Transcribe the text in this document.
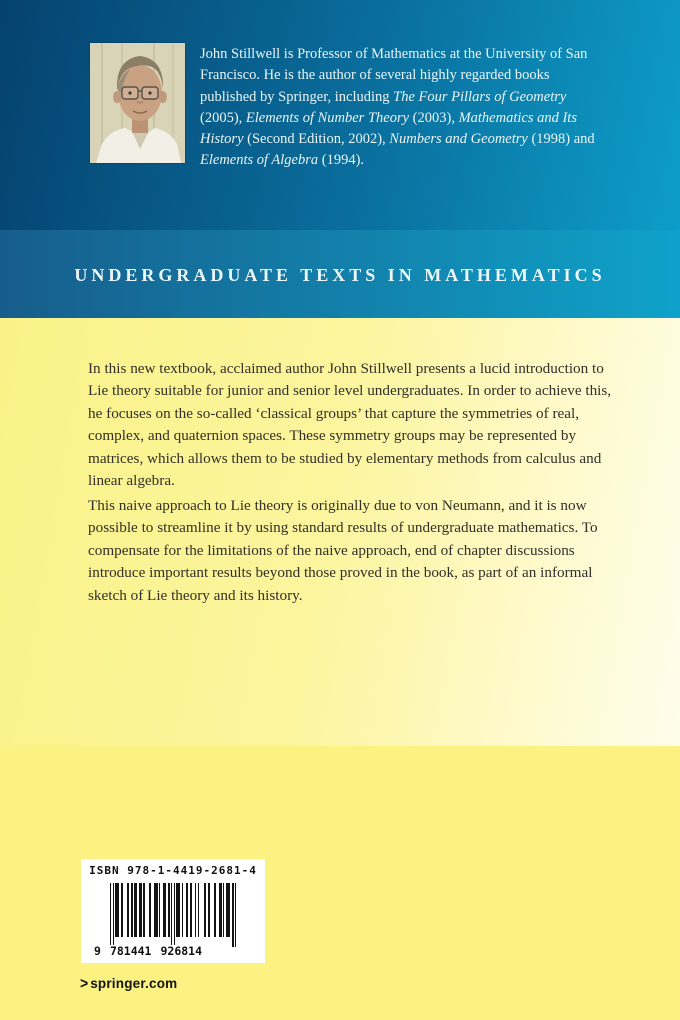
John Stillwell is Professor of Mathematics at the University of San Francisco. He is the author of several highly regarded books published by Springer, including The Four Pillars of Geometry (2005), Elements of Number Theory (2003), Mathematics and Its History (Second Edition, 2002), Numbers and Geometry (1998) and Elements of Algebra (1994).

UNDERGRADUATE TEXTS IN MATHEMATICS

In this new textbook, acclaimed author John Stillwell presents a lucid introduction to Lie theory suitable for junior and senior level undergraduates. In order to achieve this, he focuses on the so-called ‘classical groups’ that capture the symmetries of real, complex, and quaternion spaces. These symmetry groups may be represented by matrices, which allows them to be studied by elementary methods from calculus and linear algebra.

This naive approach to Lie theory is originally due to von Neumann, and it is now possible to streamline it by using standard results of undergraduate mathematics. To compensate for the limitations of the naive approach, end of chapter discussions introduce important results beyond those proved in the book, as part of an informal sketch of Lie theory and its history.

ISBN 978-1-4419-2681-4
9 781441 926814
> springer.com
